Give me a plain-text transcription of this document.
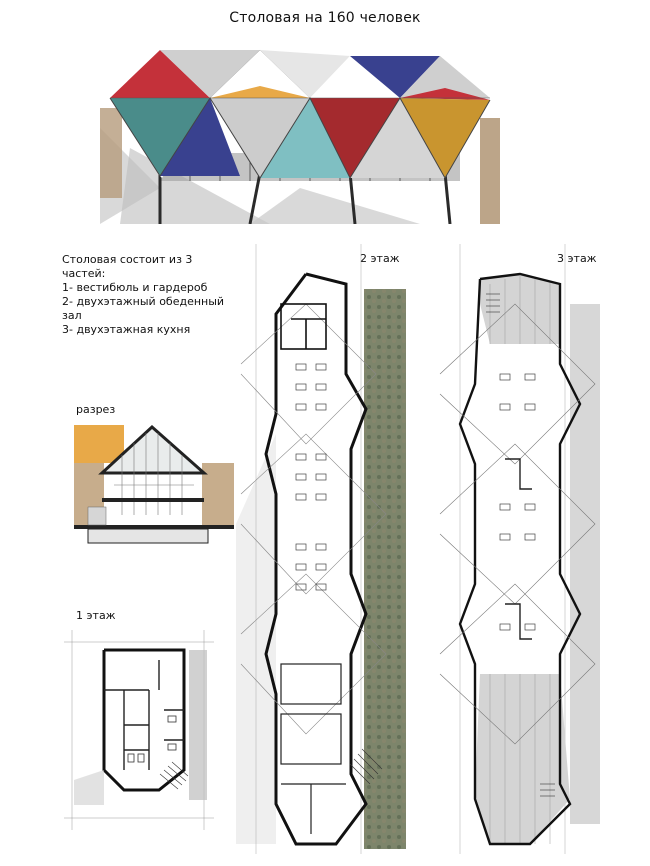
Столовая на 160 человек
Столовая состоит из 3
частей:
1- вестибюль и гардероб
2- двухэтажный обеденный
зал
3- двухэтажная кухня
разрез
1 этаж
2 этаж	3 этаж
